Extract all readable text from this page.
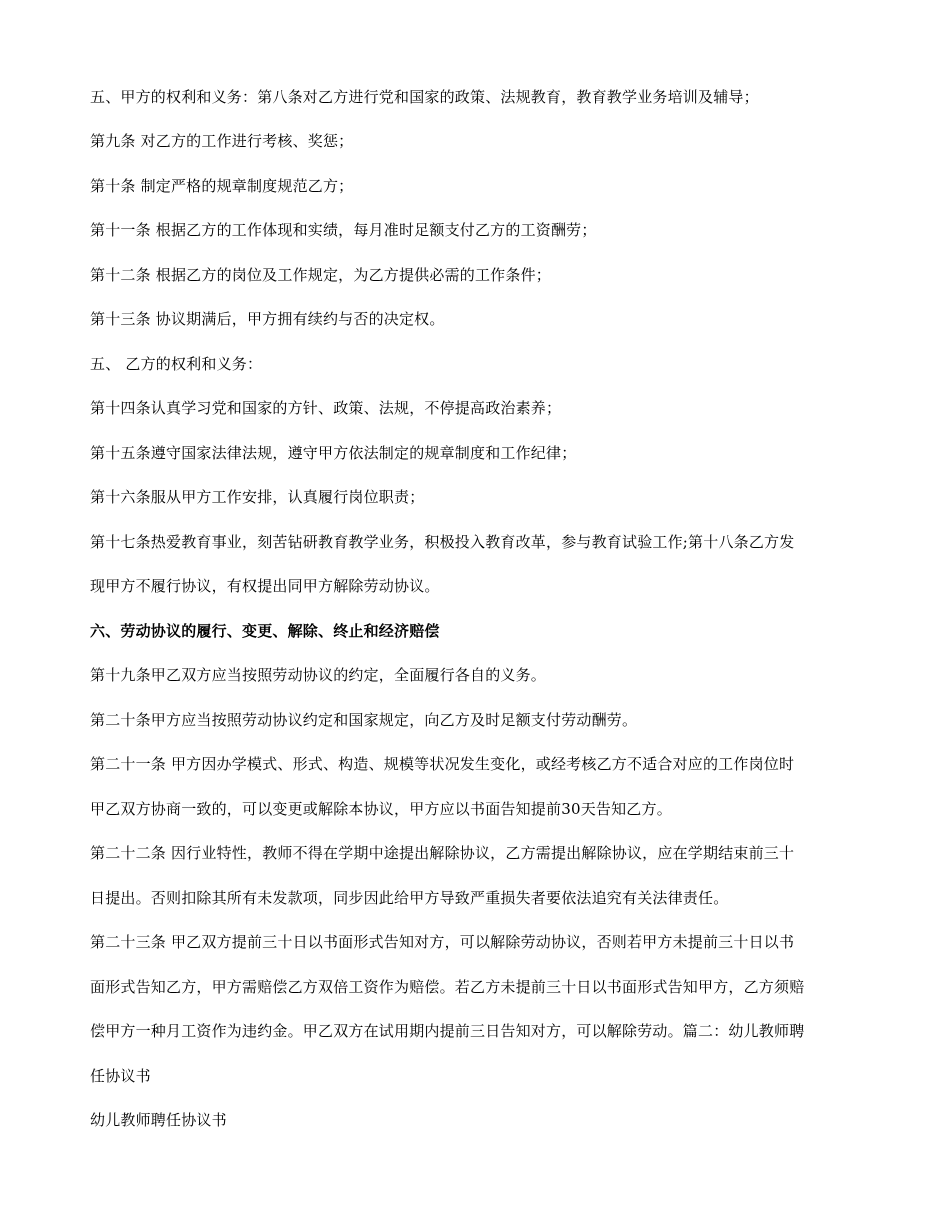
五、甲方的权利和义务：第八条对乙方进行党和国家的政策、法规教育，教育教学业务培训及辅导；
第九条 对乙方的工作进行考核、奖惩；
第十条 制定严格的规章制度规范乙方；
第十一条 根据乙方的工作体现和实绩，每月准时足额支付乙方的工资酬劳；
第十二条 根据乙方的岗位及工作规定，为乙方提供必需的工作条件；
第十三条 协议期满后，甲方拥有续约与否的决定权。
五、 乙方的权利和义务：
第十四条认真学习党和国家的方针、政策、法规，不停提高政治素养；
第十五条遵守国家法律法规，遵守甲方依法制定的规章制度和工作纪律；
第十六条服从甲方工作安排，认真履行岗位职责；
第十七条热爱教育事业，刻苦钻研教育教学业务，积极投入教育改革，参与教育试验工作;第十八条乙方发
现甲方不履行协议，有权提出同甲方解除劳动协议。
六、劳动协议的履行、变更、解除、终止和经济赔偿
第十九条甲乙双方应当按照劳动协议的约定，全面履行各自的义务。
第二十条甲方应当按照劳动协议约定和国家规定，向乙方及时足额支付劳动酬劳。
第二十一条 甲方因办学模式、形式、构造、规模等状况发生变化，或经考核乙方不适合对应的工作岗位时
甲乙双方协商一致的，可以变更或解除本协议，甲方应以书面告知提前30天告知乙方。
第二十二条 因行业特性，教师不得在学期中途提出解除协议，乙方需提出解除协议，应在学期结束前三十
日提出。否则扣除其所有未发款项，同步因此给甲方导致严重损失者要依法追究有关法律责任。
第二十三条 甲乙双方提前三十日以书面形式告知对方，可以解除劳动协议，否则若甲方未提前三十日以书
面形式告知乙方，甲方需赔偿乙方双倍工资作为赔偿。若乙方未提前三十日以书面形式告知甲方，乙方须赔
偿甲方一种月工资作为违约金。甲乙双方在试用期内提前三日告知对方，可以解除劳动。篇二：幼儿教师聘
任协议书
幼儿教师聘任协议书
